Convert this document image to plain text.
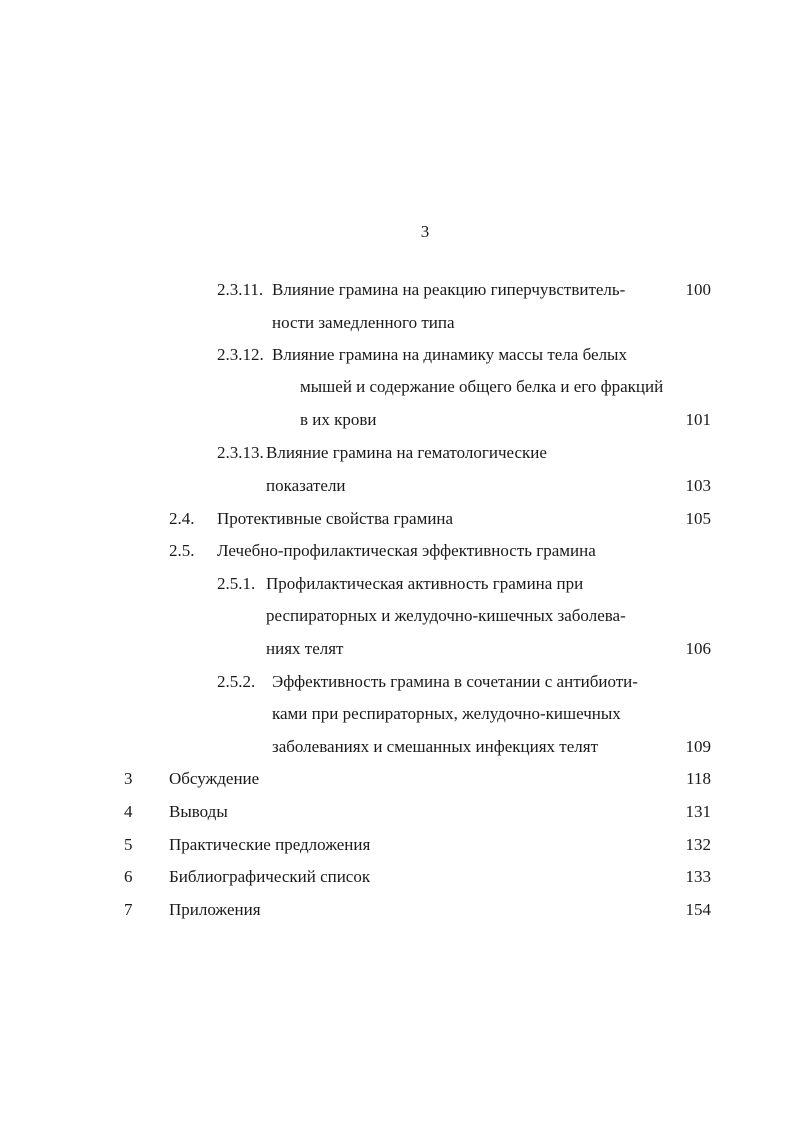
3
2.3.11. Влияние грамина на реакцию гиперчувствитель-	100
ности замедленного типа
2.3.12. Влияние грамина на динамику массы тела белых
мышей и содержание общего белка и его фракций
в их крови	101
2.3.13. Влияние грамина на гематологические
показатели	103
2.4. Протективные свойства грамина	105
2.5. Лечебно-профилактическая эффективность грамина
2.5.1. Профилактическая активность грамина при
респираторных и желудочно-кишечных заболева-
ниях телят	106
2.5.2. Эффективность грамина в сочетании с антибиоти-
ками при респираторных, желудочно-кишечных
заболеваниях и смешанных инфекциях телят	109
3 Обсуждение	118
4 Выводы	131
5 Практические предложения	132
6 Библиографический список	133
7 Приложения	154
